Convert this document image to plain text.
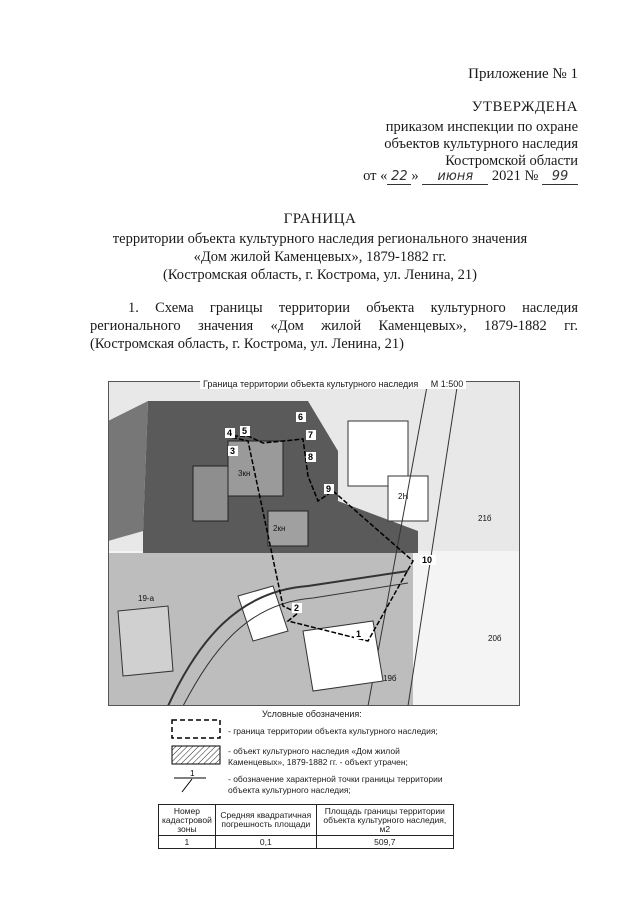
Приложение № 1
УТВЕРЖДЕНА
приказом инспекции по охране
объектов культурного наследия
Костромской области
от « 22 » июня 2021 № 99
ГРАНИЦА
территории объекта культурного наследия регионального значения
«Дом жилой Каменцевых», 1879-1882 гг.
(Костромская область, г. Кострома, ул. Ленина, 21)
1. Схема границы территории объекта культурного наследия регионального значения «Дом жилой Каменцевых», 1879-1882 гг. (Костромская область, г. Кострома, ул. Ленина, 21)
1
2
3
4 5
6
7
8
9
10
19б
19-а
3кн
2кн
2Н
21б
20б
Граница территории объекта культурного наследия М 1:500
Условные обозначения:
1
- граница территории объекта культурного наследия;
- объект культурного наследия «Дом жилой Каменцевых», 1879-1882 гг. - объект утрачен;
- обозначение характерной точки границы территории объекта культурного наследия;
Номер кадастровой зоны	Средняя квадратичная погрешность площади	Площадь границы территории объекта культурного наследия, м2
1	0,1	509,7
